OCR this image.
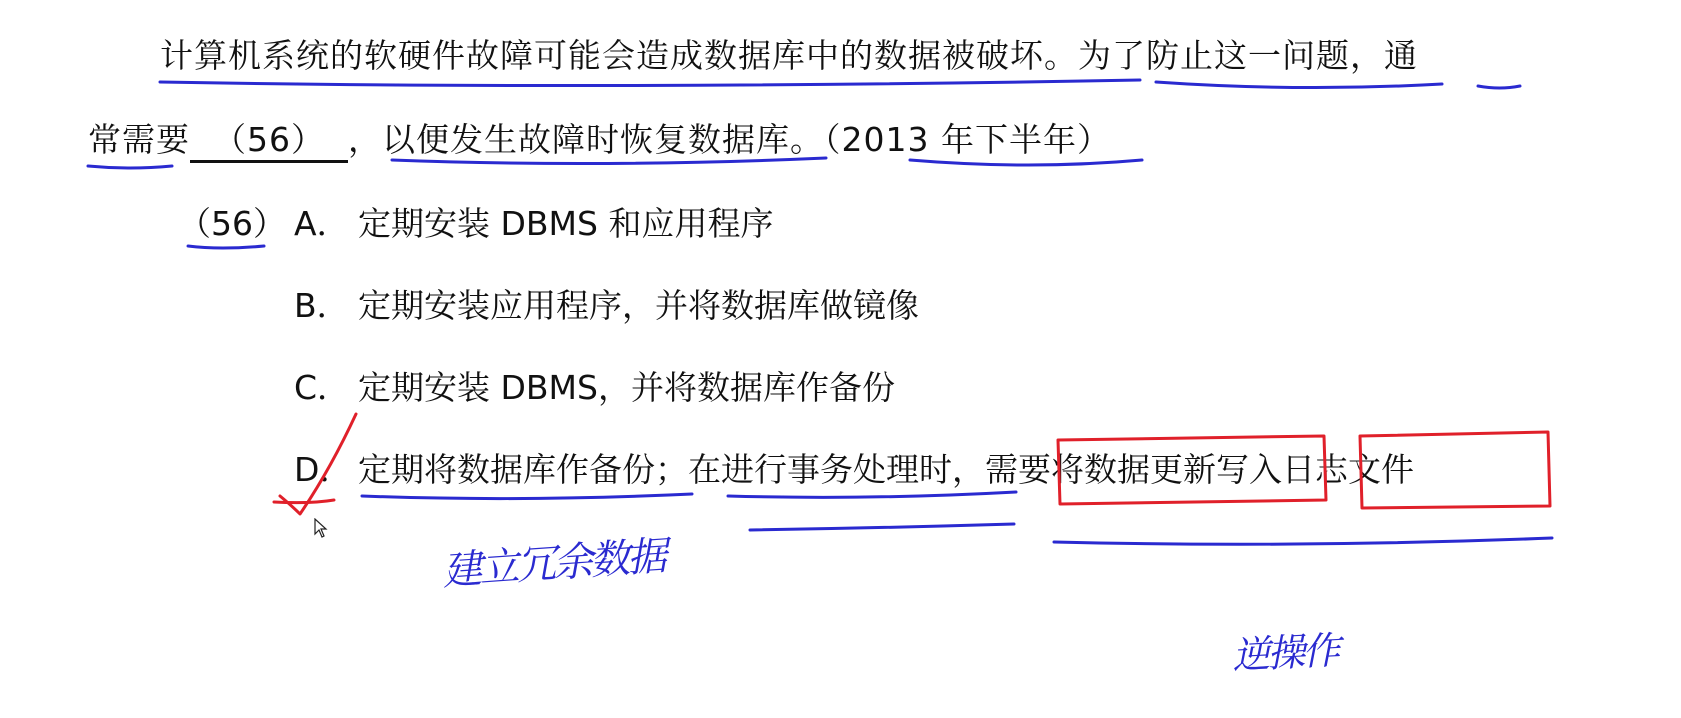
计算机系统的软硬件故障可能会造成数据库中的数据被破坏。为了防止这一问题，通
常需要 （56） ，以便发生故障时恢复数据库。（2013 年下半年）
（56） A． 定期安装 DBMS 和应用程序
B． 定期安装应用程序，并将数据库做镜像
C． 定期安装 DBMS，并将数据库作备份
D． 定期将数据库作备份；在进行事务处理时，需要将数据更新写入日志文件
建立冗余数据
逆操作
